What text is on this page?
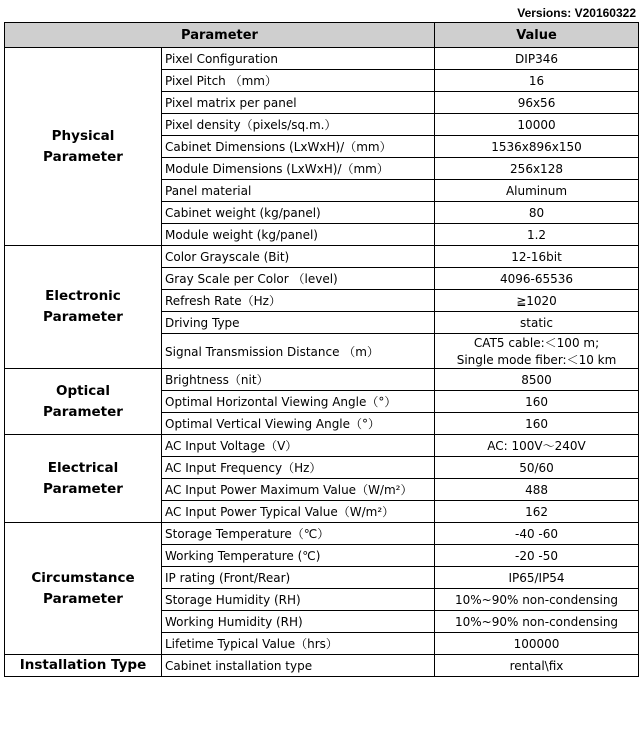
Versions: V20160322
Parameter		Value
Physical
Parameter	Pixel Configuration	DIP346
	Pixel Pitch （mm）	16
	Pixel matrix per panel	96x56
	Pixel density（pixels/sq.m.）	10000
	Cabinet Dimensions (LxWxH)/（mm）	1536x896x150
	Module Dimensions (LxWxH)/（mm）	256x128
	Panel material	Aluminum
	Cabinet weight (kg/panel)	80
	Module weight (kg/panel)	1.2
Electronic
Parameter	Color Grayscale (Bit)	12-16bit
	Gray Scale per Color （level)	4096-65536
	Refresh Rate（Hz）	≧1020
	Driving Type	static
	Signal Transmission Distance （m）	CAT5 cable:＜100 m;
Single mode fiber:＜10 km
Optical
Parameter	Brightness（nit）	8500
	Optimal Horizontal Viewing Angle（°）	160
	Optimal Vertical Viewing Angle（°）	160
Electrical
Parameter	AC Input Voltage（V）	AC: 100V～240V
	AC Input Frequency（Hz）	50/60
	AC Input Power Maximum Value（W/m²）	488
	AC Input Power Typical Value（W/m²）	162
Circumstance
Parameter	Storage Temperature（℃）	-40 -60
	Working Temperature (℃)	-20 -50
	IP rating (Front/Rear)	IP65/IP54
	Storage Humidity (RH)	10%~90% non-condensing
	Working Humidity (RH)	10%~90% non-condensing
	Lifetime Typical Value（hrs）	100000
Installation Type	Cabinet installation type	rental\fix
